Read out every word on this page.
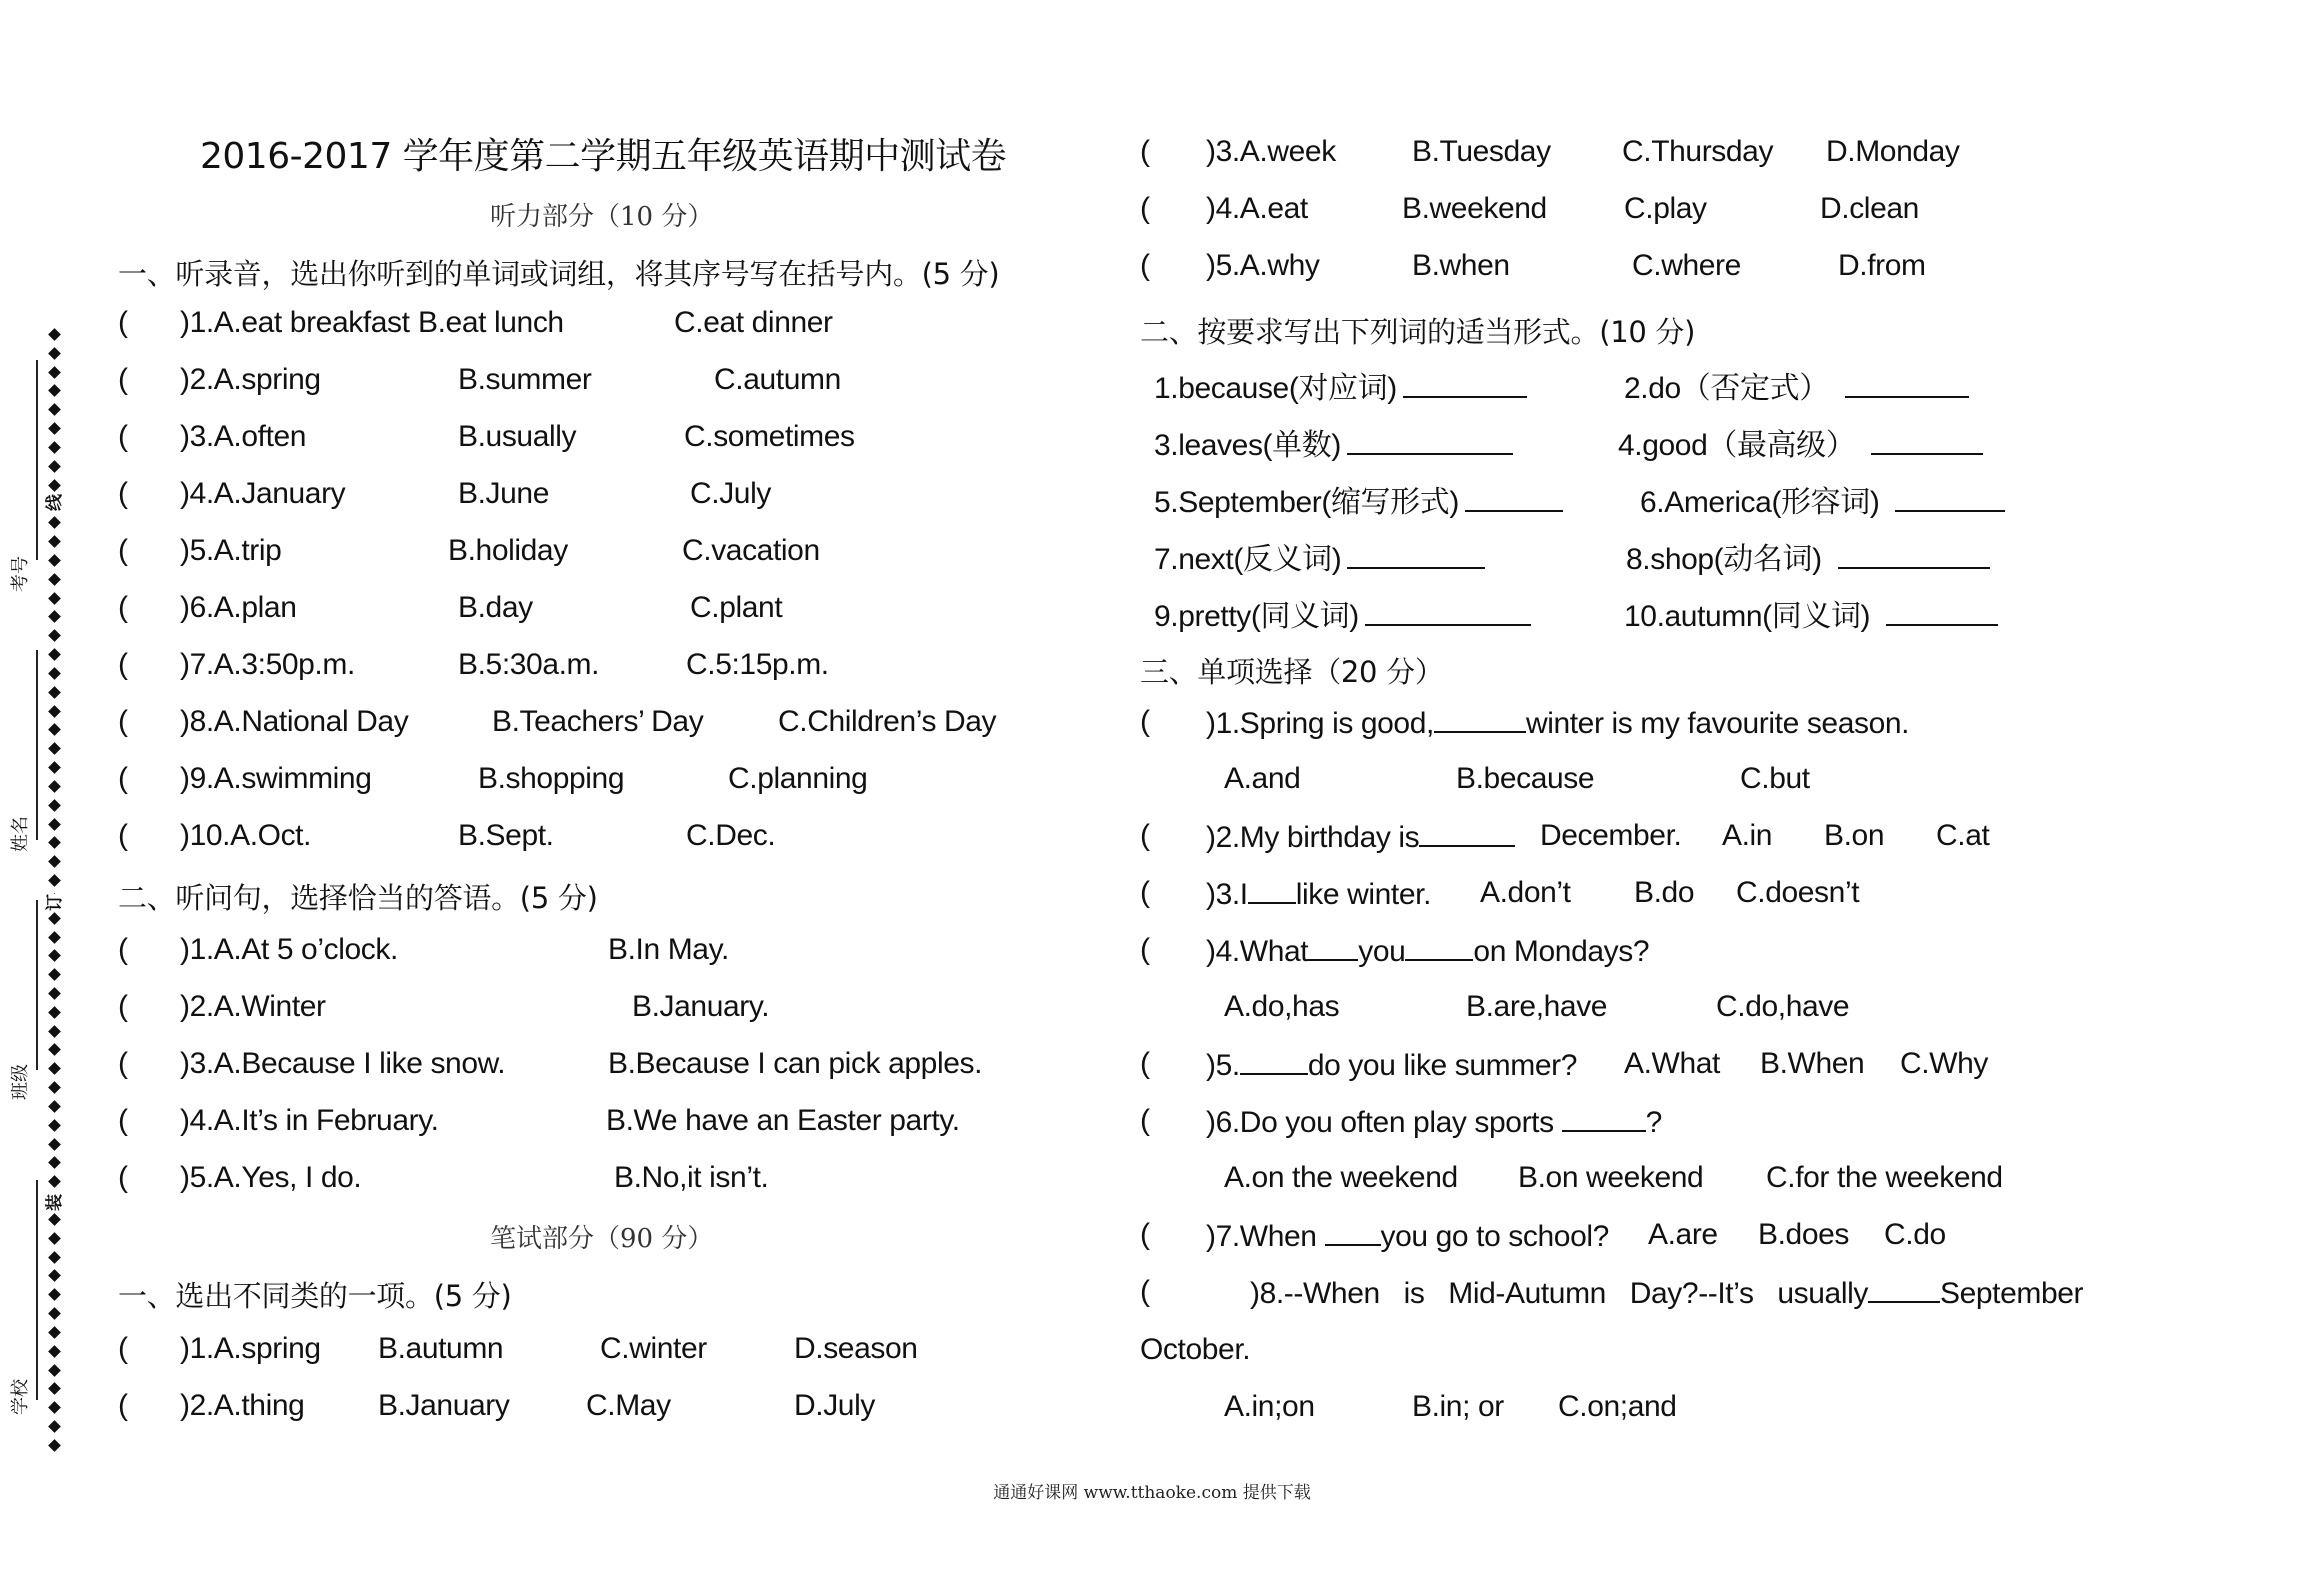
考号
姓名
班级
学校
线
订
装
2016-2017 学年度第二学期五年级英语期中测试卷
听力部分（10 分）
一、听录音，选出你听到的单词或词组，将其序号写在括号内。(5 分)
( )1.A.eat breakfast B.eat lunch	C.eat dinner
( )2.A.spring	B.summer	C.autumn
( )3.A.often	B.usually	C.sometimes
( )4.A.January	B.June	C.July
( )5.A.trip	B.holiday	C.vacation
( )6.A.plan	B.day	C.plant
( )7.A.3:50p.m.	B.5:30a.m.	C.5:15p.m.
( )8.A.National Day	B.Teachers’ Day C.Children’s Day
( )9.A.swimming	B.shopping	C.planning
( )10.A.Oct.	B.Sept.	C.Dec.
二、听问句，选择恰当的答语。(5 分)
( )1.A.At 5 o’clock.	B.In May.
( )2.A.Winter	B.January.
( )3.A.Because I like snow.	B.Because I can pick apples.
( )4.A.It’s in February.	B.We have an Easter party.
( )5.A.Yes, I do.	B.No,it isn’t.
笔试部分（90 分）
一、选出不同类的一项。(5 分)
( )1.A.spring B.autumn	C.winter	D.season
( )2.A.thing B.January	C.May	D.July
( )3.A.week	B.Tuesday C.Thursday D.Monday
( )4.A.eat	B.weekend	C.play	D.clean
( )5.A.why	B.when	C.where	D.from
二、按要求写出下列词的适当形式。(10 分)
1.because(对应词)	2.do（否定式）
3.leaves(单数)	4.good（最高级）
5.September(缩写形式)	6.America(形容词)
7.next(反义词)	8.shop(动名词)
9.pretty(同义词)	10.autumn(同义词)
三、单项选择（20 分）
( )1.Spring is good,	winter is my favourite season.
A.and	B.because	C.but
( )2.My birthday is	December. A.in B.on C.at
( )3.I like winter. A.don’t B.do C.doesn’t
( )4.What you on Mondays?
A.do,has	B.are,have	C.do,have
( )5. do you like summer? A.What B.When C.Why
( )6.Do you often play sports	?
A.on the weekend B.on weekend C.for the weekend
( )7.When you go to school? A.are B.does C.do
(	)8.--When   is   Mid-Autumn   Day?--It’s   usually September
October.
A.in;on	B.in; or C.on;and
通通好课网 www.tthaoke.com 提供下载
